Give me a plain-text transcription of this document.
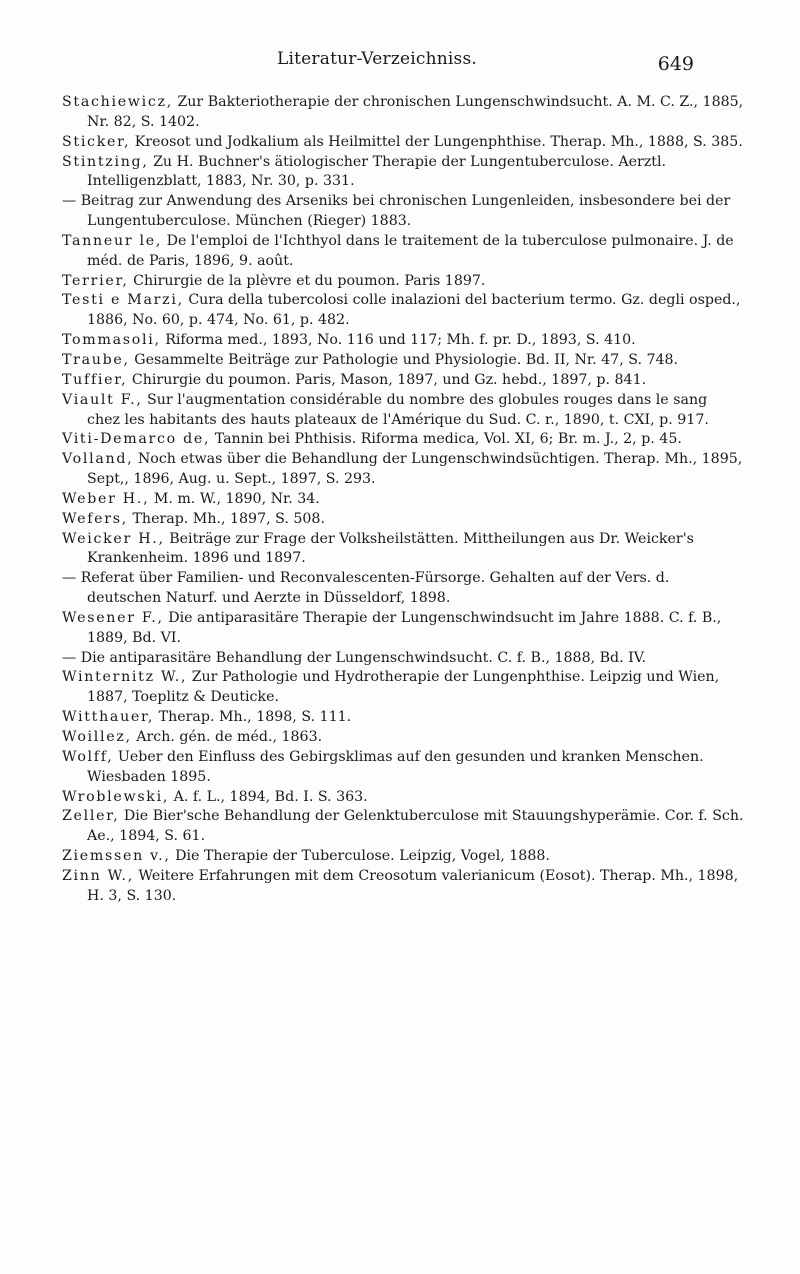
Literatur-Verzeichniss.	649
Stachiewicz, Zur Bakteriotherapie der chronischen Lungenschwindsucht. A. M. C. Z., 1885, Nr. 82, S. 1402.
Sticker, Kreosot und Jodkalium als Heilmittel der Lungenphthise. Therap. Mh., 1888, S. 385.
Stintzing, Zu H. Buchner's ätiologischer Therapie der Lungentuberculose. Aerztl. Intelligenzblatt, 1883, Nr. 30, p. 331.
— Beitrag zur Anwendung des Arseniks bei chronischen Lungenleiden, insbesondere bei der Lungentuberculose. München (Rieger) 1883.
Tanneur le, De l'emploi de l'Ichthyol dans le traitement de la tuberculose pulmonaire. J. de méd. de Paris, 1896, 9. août.
Terrier, Chirurgie de la plèvre et du poumon. Paris 1897.
Testi e Marzi, Cura della tubercolosi colle inalazioni del bacterium termo. Gz. degli osped., 1886, No. 60, p. 474, No. 61, p. 482.
Tommasoli, Riforma med., 1893, No. 116 und 117; Mh. f. pr. D., 1893, S. 410.
Traube, Gesammelte Beiträge zur Pathologie und Physiologie. Bd. II, Nr. 47, S. 748.
Tuffier, Chirurgie du poumon. Paris, Mason, 1897, und Gz. hebd., 1897, p. 841.
Viault F., Sur l'augmentation considérable du nombre des globules rouges dans le sang chez les habitants des hauts plateaux de l'Amérique du Sud. C. r., 1890, t. CXI, p. 917.
Viti-Demarco de, Tannin bei Phthisis. Riforma medica, Vol. XI, 6; Br. m. J., 2, p. 45.
Volland, Noch etwas über die Behandlung der Lungenschwindsüchtigen. Therap. Mh., 1895, Sept,, 1896, Aug. u. Sept., 1897, S. 293.
Weber H., M. m. W., 1890, Nr. 34.
Wefers, Therap. Mh., 1897, S. 508.
Weicker H., Beiträge zur Frage der Volksheilstätten. Mittheilungen aus Dr. Weicker's Krankenheim. 1896 und 1897.
— Referat über Familien- und Reconvalescenten-Fürsorge. Gehalten auf der Vers. d. deutschen Naturf. und Aerzte in Düsseldorf, 1898.
Wesener F., Die antiparasitäre Therapie der Lungenschwindsucht im Jahre 1888. C. f. B., 1889, Bd. VI.
— Die antiparasitäre Behandlung der Lungenschwindsucht. C. f. B., 1888, Bd. IV.
Winternitz W., Zur Pathologie und Hydrotherapie der Lungenphthise. Leipzig und Wien, 1887, Toeplitz & Deuticke.
Witthauer, Therap. Mh., 1898, S. 111.
Woillez, Arch. gén. de méd., 1863.
Wolff, Ueber den Einfluss des Gebirgsklimas auf den gesunden und kranken Menschen. Wiesbaden 1895.
Wroblewski, A. f. L., 1894, Bd. I. S. 363.
Zeller, Die Bier'sche Behandlung der Gelenktuberculose mit Stauungshyperämie. Cor. f. Sch. Ae., 1894, S. 61.
Ziemssen v., Die Therapie der Tuberculose. Leipzig, Vogel, 1888.
Zinn W., Weitere Erfahrungen mit dem Creosotum valerianicum (Eosot). Therap. Mh., 1898, H. 3, S. 130.
